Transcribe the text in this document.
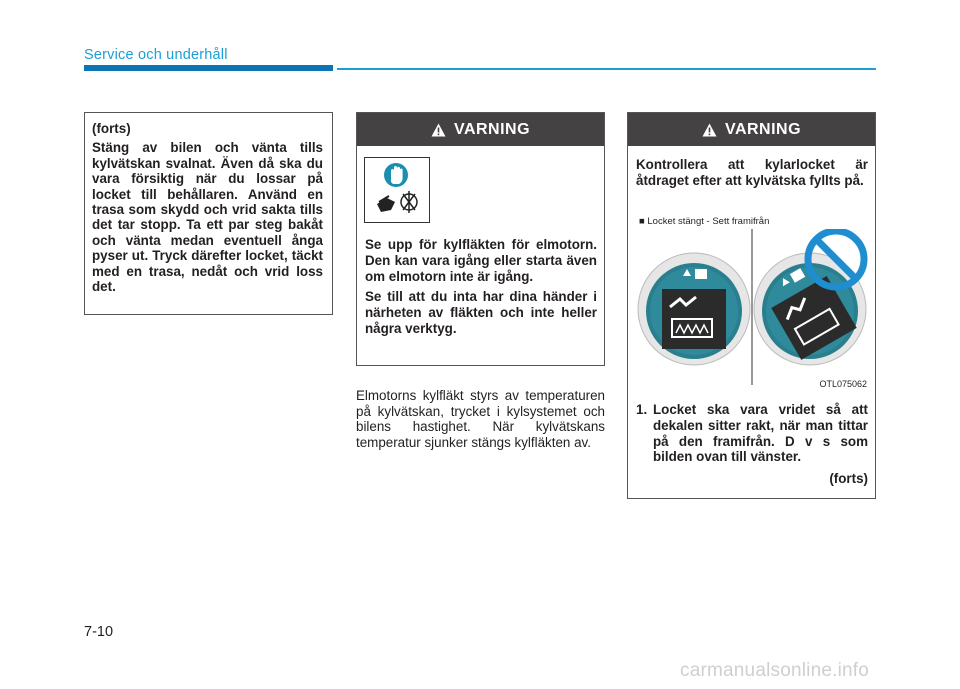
Service och underhåll

(forts)

Stäng av bilen och vänta tills kylvätskan svalnat. Även då ska du vara försiktig när du lossar på locket till behållaren. Använd en trasa som skydd och vrid sakta tills det tar stopp. Ta ett par steg bakåt och vänta medan eventuell ånga pyser ut. Tryck därefter locket, täckt med en trasa, nedåt och vrid loss det.

VARNING

Se upp för kylfläkten för elmotorn. Den kan vara igång eller starta även om elmotorn inte är igång.

Se till att du inta har dina händer i närheten av fläkten och inte heller några verktyg.

Elmotorns kylfläkt styrs av temperaturen på kylvätskan, trycket i kylsystemet och bilens hastighet. När kylvätskans temperatur sjunker stängs kylfläkten av.
VARNING
Kontrollera att kylarlocket är åtdraget efter att kylvätska fyllts på.
■ Locket stängt - Sett framifrån
OTL075062
1. Locket ska vara vridet så att dekalen sitter rakt, när man tittar på den framifrån. D v s som bilden ovan till vänster.
(forts)
7-10
carmanualsonline.info
